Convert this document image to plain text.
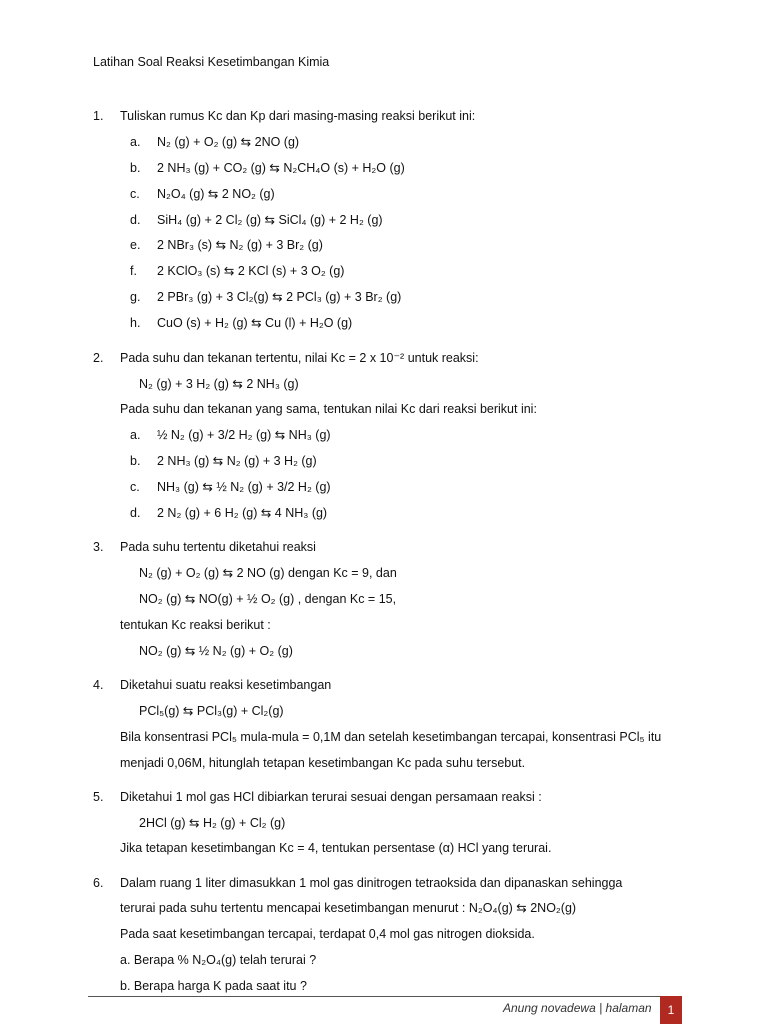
Latihan Soal Reaksi Kesetimbangan Kimia
1. Tuliskan rumus Kc dan Kp dari masing-masing reaksi berikut ini:
a. N₂ (g) + O₂ (g) ⇆ 2NO (g)
b. 2 NH₃ (g) + CO₂ (g) ⇆ N₂CH₄O (s) + H₂O (g)
c. N₂O₄ (g) ⇆ 2 NO₂ (g)
d. SiH₄ (g) + 2 Cl₂ (g) ⇆ SiCl₄ (g) + 2 H₂ (g)
e. 2 NBr₃ (s) ⇆ N₂ (g) + 3 Br₂ (g)
f. 2 KClO₃ (s) ⇆ 2 KCl (s) + 3 O₂ (g)
g. 2 PBr₃ (g) + 3 Cl₂(g) ⇆ 2 PCl₃ (g) + 3 Br₂ (g)
h. CuO (s) + H₂ (g) ⇆ Cu (l) + H₂O (g)
2. Pada suhu dan tekanan tertentu, nilai Kc = 2 x 10⁻² untuk reaksi:
N₂ (g) + 3 H₂ (g) ⇆ 2 NH₃ (g)
Pada suhu dan tekanan yang sama, tentukan nilai Kc dari reaksi berikut ini:
a. ½ N₂ (g) + 3/2 H₂ (g) ⇆ NH₃ (g)
b. 2 NH₃ (g) ⇆ N₂ (g) + 3 H₂ (g)
c. NH₃ (g) ⇆ ½ N₂ (g) + 3/2 H₂ (g)
d. 2 N₂ (g) + 6 H₂ (g) ⇆ 4 NH₃ (g)
3. Pada suhu tertentu diketahui reaksi
N₂ (g) + O₂ (g) ⇆ 2 NO (g) dengan Kc = 9, dan
NO₂ (g) ⇆ NO(g) + ½ O₂ (g) , dengan Kc = 15,
tentukan Kc reaksi berikut :
NO₂ (g) ⇆ ½ N₂ (g) + O₂ (g)
4. Diketahui suatu reaksi kesetimbangan
PCl₅(g) ⇆ PCl₃(g) + Cl₂(g)
Bila konsentrasi PCl₅ mula-mula = 0,1M dan setelah kesetimbangan tercapai, konsentrasi PCl₅ itu
menjadi 0,06M, hitunglah tetapan kesetimbangan Kc pada suhu tersebut.
5. Diketahui 1 mol gas HCl dibiarkan terurai sesuai dengan persamaan reaksi :
2HCl (g) ⇆ H₂ (g) + Cl₂ (g)
Jika tetapan kesetimbangan Kc = 4, tentukan persentase (α) HCl yang terurai.
6. Dalam ruang 1 liter dimasukkan 1 mol gas dinitrogen tetraoksida dan dipanaskan sehingga
terurai pada suhu tertentu mencapai kesetimbangan menurut : N₂O₄(g) ⇆ 2NO₂(g)
Pada saat kesetimbangan tercapai, terdapat 0,4 mol gas nitrogen dioksida.
a. Berapa % N₂O₄(g) telah terurai ?
b. Berapa harga K pada saat itu ?
Anung novadewa | halaman	1
